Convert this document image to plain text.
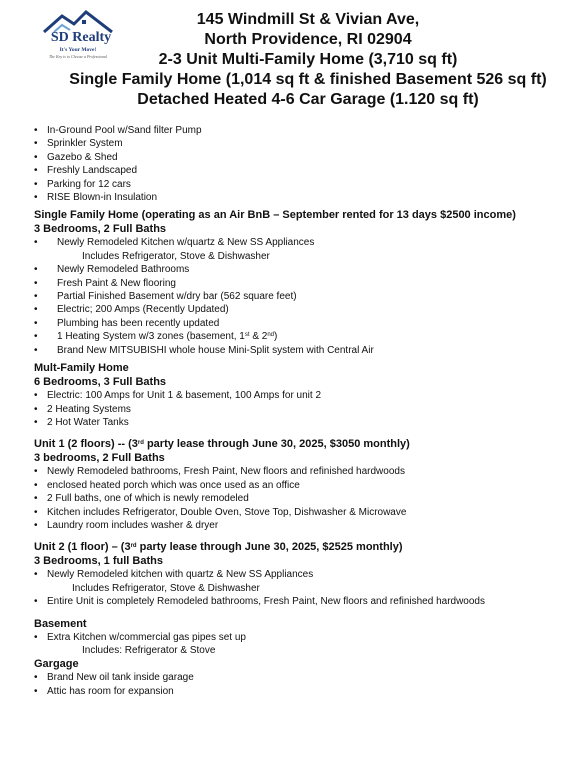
SD Realty
It's Your Move!
The Key is to Choose a Professional
145 Windmill St & Vivian Ave,
North Providence, RI 02904
2-3 Unit Multi-Family Home (3,710 sq ft)
Single Family Home (1,014 sq ft & finished Basement 526 sq ft)
Detached Heated 4-6 Car Garage (1.120 sq ft)
• In-Ground Pool w/Sand filter Pump
• Sprinkler System
• Gazebo & Shed
• Freshly Landscaped
• Parking for 12 cars
• RISE Blown-in Insulation
Single Family Home (operating as an Air BnB – September rented for 13 days $2500 income)
3 Bedrooms, 2 Full Baths
• Newly Remodeled Kitchen w/quartz & New SS Appliances
Includes Refrigerator, Stove & Dishwasher
• Newly Remodeled Bathrooms
• Fresh Paint & New flooring
• Partial Finished Basement w/dry bar (562 square feet)
• Electric; 200 Amps (Recently Updated)
• Plumbing has been recently updated
• 1 Heating System w/3 zones (basement, 1st & 2nd)
• Brand New MITSUBISHI whole house Mini-Split system with Central Air
Mult-Family Home
6 Bedrooms, 3 Full Baths
• Electric: 100 Amps for Unit 1 & basement, 100 Amps for unit 2
• 2 Heating Systems
• 2 Hot Water Tanks
Unit 1 (2 floors) -- (3rd party lease through June 30, 2025, $3050 monthly)
3 bedrooms, 2 Full Baths
• Newly Remodeled bathrooms, Fresh Paint, New floors and refinished hardwoods
• enclosed heated porch which was once used as an office
• 2 Full baths, one of which is newly remodeled
• Kitchen includes Refrigerator, Double Oven, Stove Top, Dishwasher & Microwave
• Laundry room includes washer & dryer
Unit 2 (1 floor) – (3rd party lease through June 30, 2025, $2525 monthly)
3 Bedrooms, 1 full Baths
• Newly Remodeled kitchen with quartz & New SS Appliances
Includes Refrigerator, Stove & Dishwasher
• Entire Unit is completely Remodeled bathrooms, Fresh Paint, New floors and refinished hardwoods
Basement
• Extra Kitchen w/commercial gas pipes set up
Includes: Refrigerator & Stove
Gargage
• Brand New oil tank inside garage
• Attic has room for expansion
